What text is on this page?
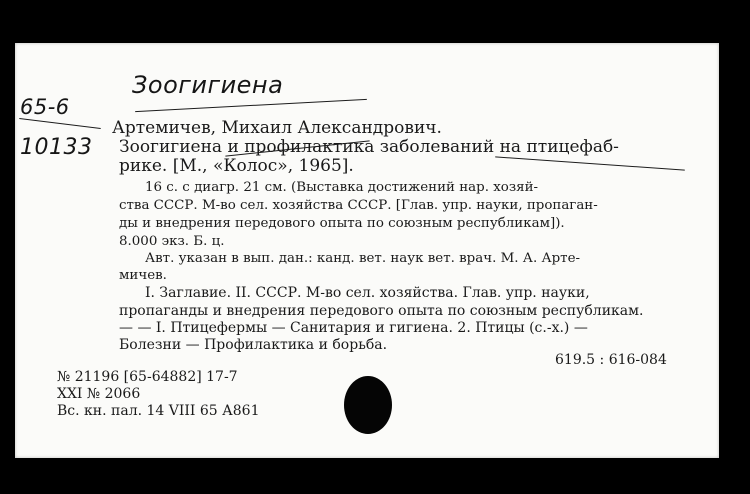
Зоогигиена
65-6
10133
Артемичев, Михаил Александрович.
Зоогигиена и профилактика заболеваний на птицефаб-
рике. [М., «Колос», 1965].
16 с. с диагр. 21 см. (Выставка достижений нар. хозяй-
ства СССР. М-во сел. хозяйства СССР. [Глав. упр. науки, пропаган-
ды и внедрения передового опыта по союзным республикам]).
8.000 экз. Б. ц.
Авт. указан в вып. дан.: канд. вет. наук вет. врач. М. А. Арте-
мичев.
I. Заглавие. II. СССР. М-во сел. хозяйства. Глав. упр. науки,
пропаганды и внедрения передового опыта по союзным республикам.
— — I. Птицефермы — Санитария и гигиена. 2. Птицы (с.-х.) —
Болезни — Профилактика и борьба.
619.5 : 616-084
№ 21196 [65-64882] 17-7
XXI № 2066
Вс. кн. пал. 14 VIII 65 А861
